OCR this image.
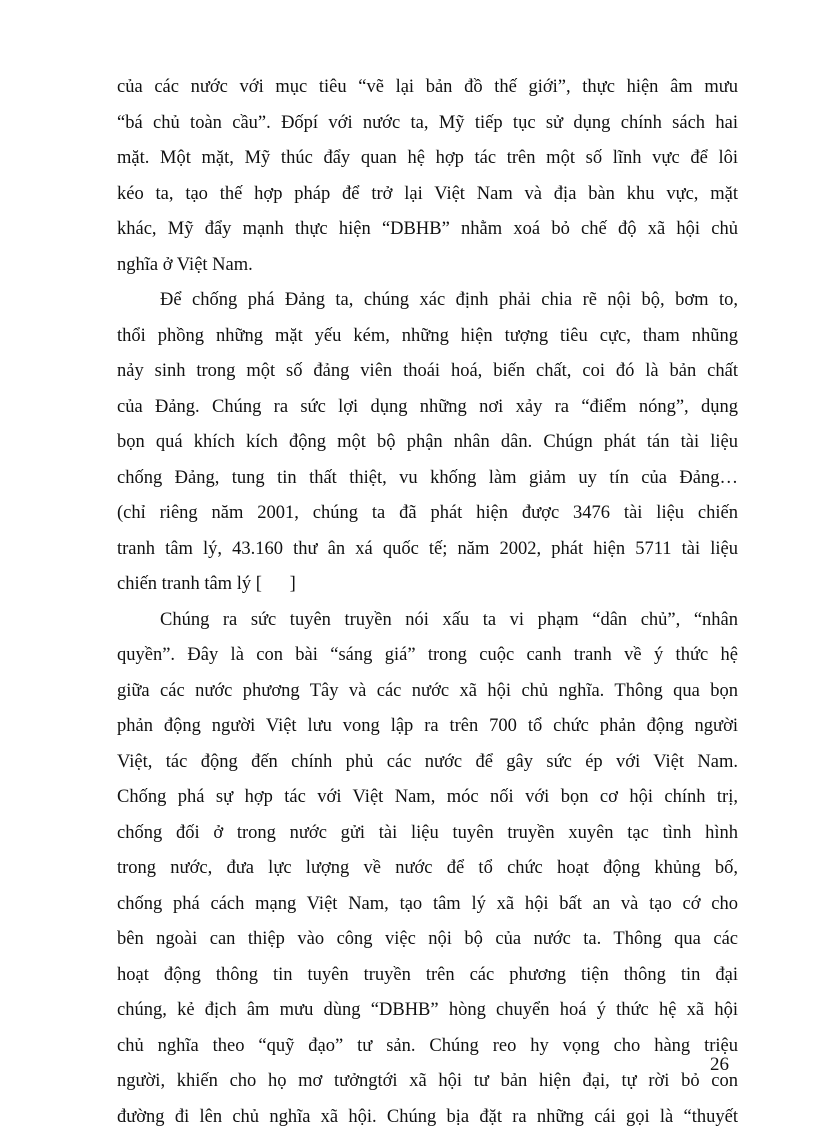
của các nước với mục tiêu “vẽ lại bản đồ thế giới”, thực hiện âm mưu
“bá chủ toàn cầu”. Đốpí với nước ta, Mỹ tiếp tục sử dụng chính sách hai
mặt. Một mặt, Mỹ thúc đẩy quan hệ hợp tác trên một số lĩnh vực để lôi
kéo ta, tạo thế hợp pháp để trở lại Việt Nam và địa bàn khu vực, mặt
khác, Mỹ đẩy mạnh thực hiện “DBHB” nhằm xoá bỏ chế độ xã hội chủ
nghĩa ở Việt Nam.

Để chống phá Đảng ta, chúng xác định phải chia rẽ nội bộ, bơm to,
thổi phồng những mặt yếu kém, những hiện tượng tiêu cực, tham nhũng
nảy sinh trong một số đảng viên thoái hoá, biến chất, coi đó là bản chất
của Đảng. Chúng ra sức lợi dụng những nơi xảy ra “điểm nóng”, dụng
bọn quá khích kích động một bộ phận nhân dân. Chúgn phát tán tài liệu
chống Đảng, tung tin thất thiệt, vu khống làm giảm uy tín của Đảng…
(chỉ riêng năm 2001, chúng ta đã phát hiện được 3476 tài liệu chiến
tranh tâm lý, 43.160 thư ân xá quốc tế; năm 2002, phát hiện 5711 tài liệu
chiến tranh tâm lý [      ]

Chúng ra sức tuyên truyền nói xấu ta vi phạm “dân chủ”, “nhân
quyền”. Đây là con bài “sáng giá” trong cuộc canh tranh về ý thức hệ
giữa các nước phương Tây và các nước xã hội chủ nghĩa. Thông qua bọn
phản động người Việt lưu vong lập ra trên 700 tổ chức phản động người
Việt, tác động đến chính phủ các nước để gây sức ép với Việt Nam.
Chống phá sự hợp tác với Việt Nam, móc nối với bọn cơ hội chính trị,
chống đối ở trong nước gửi tài liệu tuyên truyền xuyên tạc tình hình
trong nước, đưa lực lượng về nước để tổ chức hoạt động khủng bố,
chống phá cách mạng Việt Nam, tạo tâm lý xã hội bất an và tạo cớ cho
bên ngoài can thiệp vào công việc nội bộ của nước ta. Thông qua các
hoạt động thông tin tuyên truyền trên các phương tiện thông tin đại
chúng, kẻ địch âm mưu dùng “DBHB” hòng chuyển hoá ý thức hệ xã hội
chủ nghĩa theo “quỹ đạo” tư sản. Chúng reo hy vọng cho hàng triệu
người, khiến cho họ mơ tưởngtới xã hội tư bản hiện đại, tự rời bỏ con
đường đi lên chủ nghĩa xã hội. Chúng bịa đặt ra những cái gọi là “thuyết

26
